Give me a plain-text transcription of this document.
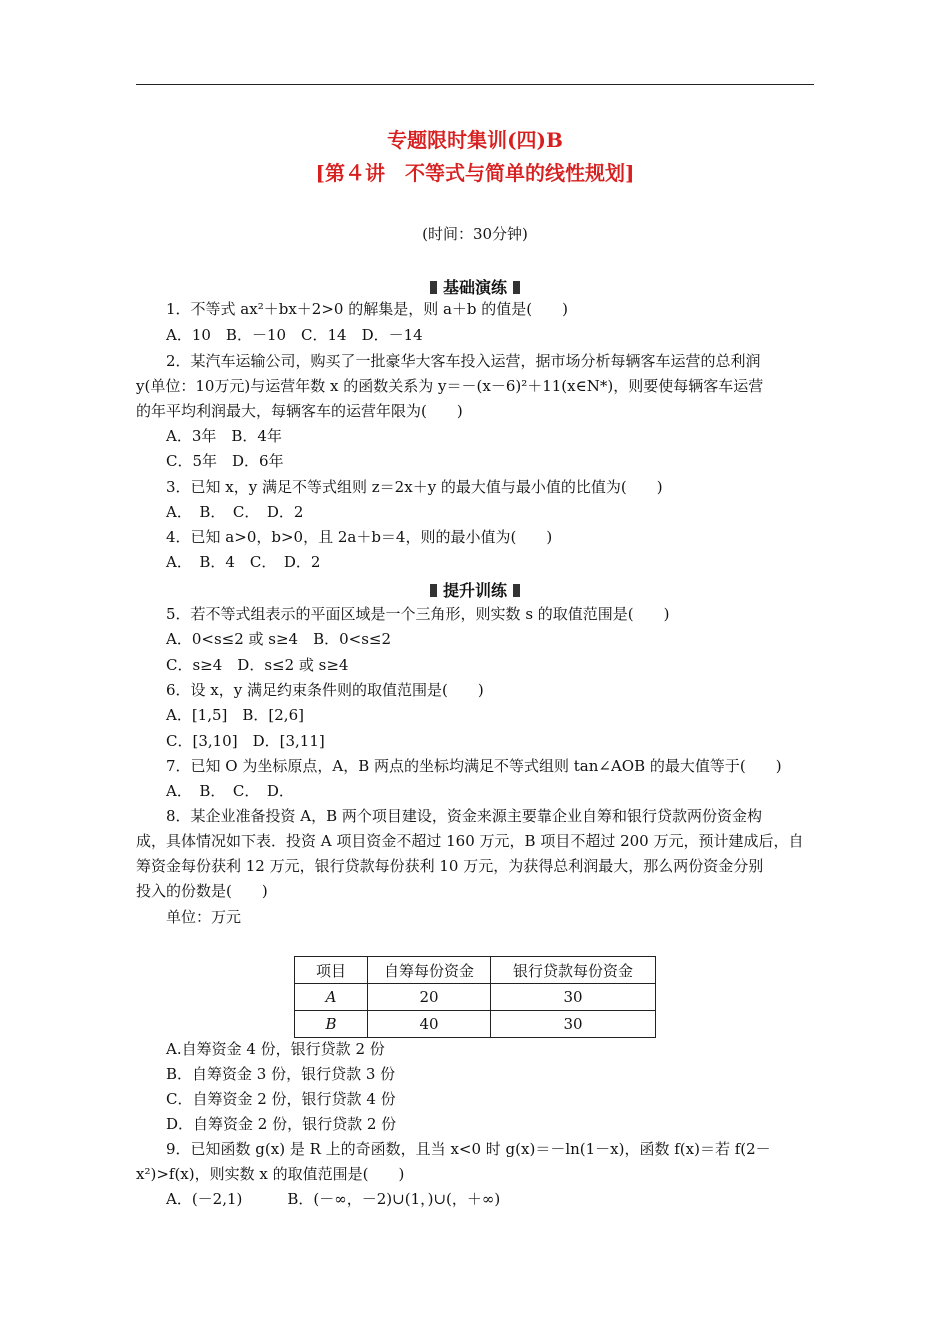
专题限时集训(四)B
[第４讲　不等式与简单的线性规划]
(时间：30分钟)
基础演练
1．不等式 ax²＋bx＋2>0 的解集是，则 a＋b 的值是(　　)
A．10　B．－10　C．14　D．－14
2．某汽车运输公司，购买了一批豪华大客车投入运营，据市场分析每辆客车运营的总利润
y(单位：10万元)与运营年数 x 的函数关系为 y＝－(x－6)²＋11(x∈N*)，则要使每辆客车运营
的年平均利润最大，每辆客车的运营年限为(　　)
A．3年　B．4年
C．5年　D．6年
3．已知 x，y 满足不等式组则 z＝2x＋y 的最大值与最小值的比值为(　　)
A．　B．　C．　D．2
4．已知 a>0，b>0，且 2a＋b＝4，则的最小值为(　　)
A．　B．4　C．　D．2
提升训练
5．若不等式组表示的平面区域是一个三角形，则实数 s 的取值范围是(　　)
A．0<s≤2 或 s≥4　B．0<s≤2
C．s≥4　D．s≤2 或 s≥4
6．设 x，y 满足约束条件则的取值范围是(　　)
A．[1,5]　B．[2,6]
C．[3,10]　D．[3,11]
7．已知 O 为坐标原点，A，B 两点的坐标均满足不等式组则 tan∠AOB 的最大值等于(　　)
A．　B．　C．　D．
8．某企业准备投资 A，B 两个项目建设，资金来源主要靠企业自筹和银行贷款两份资金构
成，具体情况如下表．投资 A 项目资金不超过 160 万元，B 项目不超过 200 万元，预计建成后，自
筹资金每份获利 12 万元，银行贷款每份获利 10 万元，为获得总利润最大，那么两份资金分别
投入的份数是(　　)
单位：万元
项目	自筹每份资金	银行贷款每份资金
A	20	30
B	40	30
A.自筹资金 4 份，银行贷款 2 份
B．自筹资金 3 份，银行贷款 3 份
C．自筹资金 2 份，银行贷款 4 份
D．自筹资金 2 份，银行贷款 2 份
9．已知函数 g(x) 是 R 上的奇函数，且当 x<0 时 g(x)＝－ln(1－x)，函数 f(x)＝若 f(2－
x²)>f(x)，则实数 x 的取值范围是(　　)
A．(－2,1)　　　B．(－∞，－2)∪(1，)∪(，＋∞)
